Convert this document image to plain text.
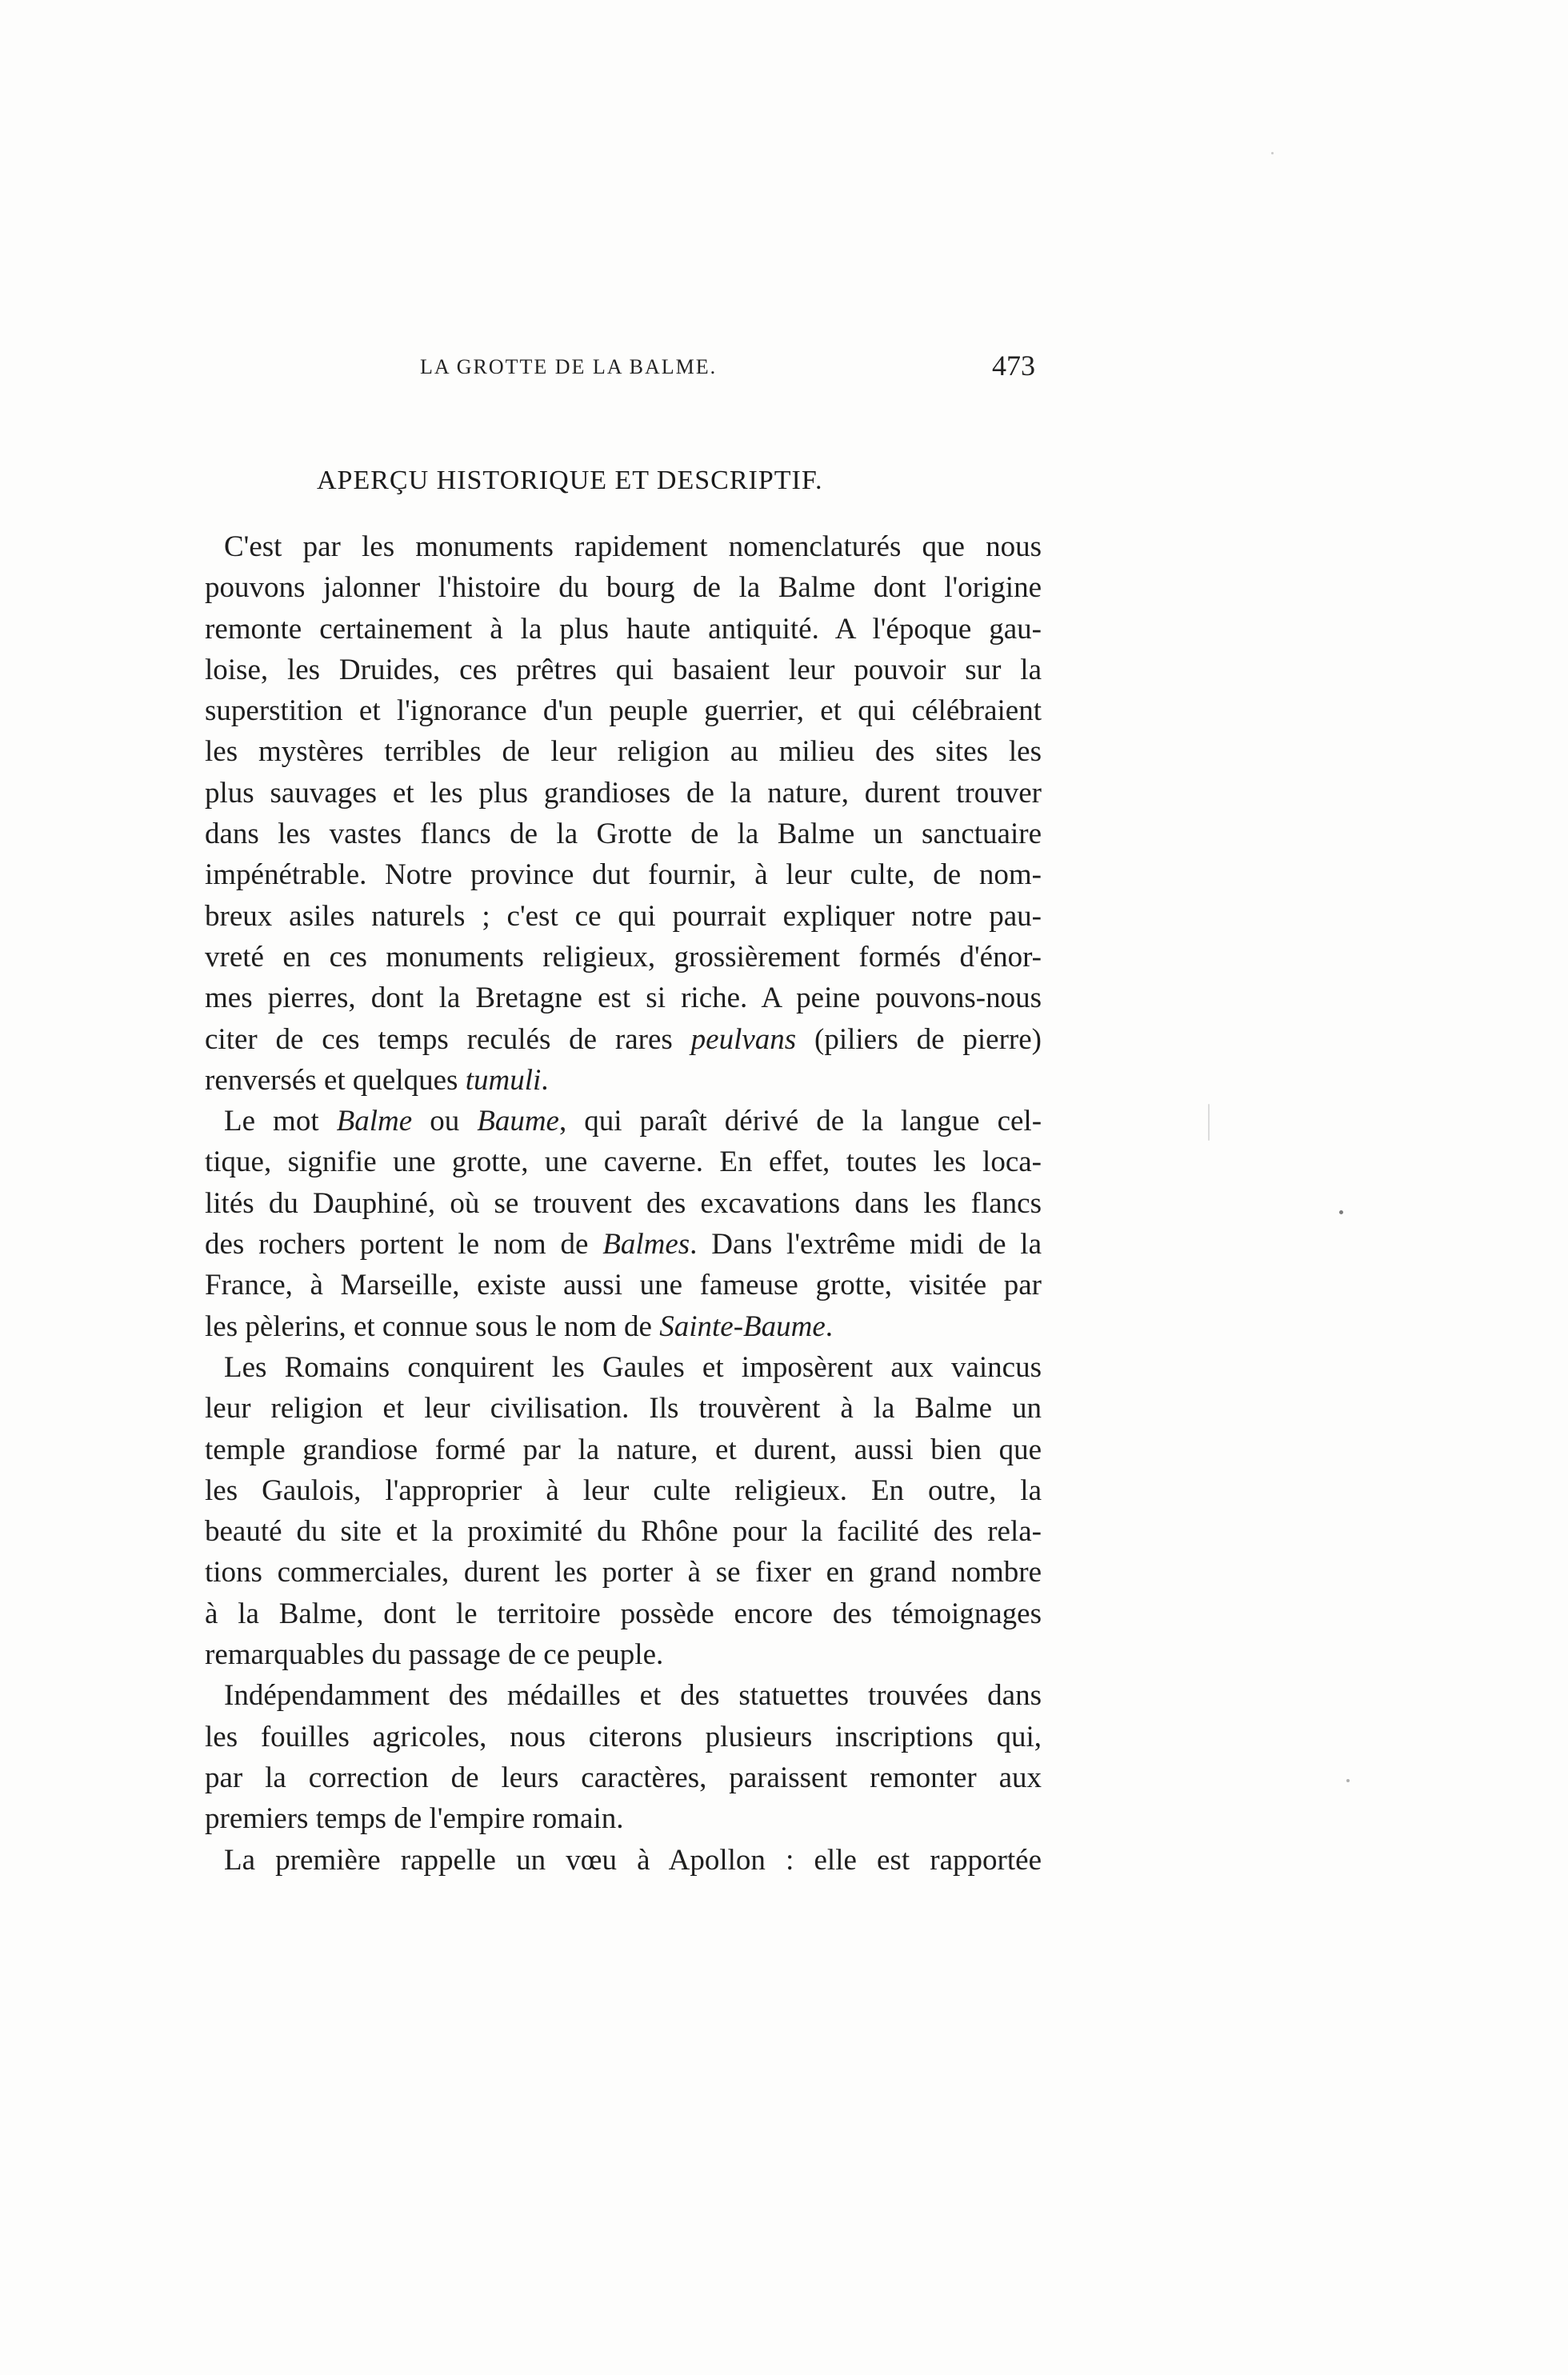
LA GROTTE DE LA BALME.	473
APERÇU HISTORIQUE ET DESCRIPTIF.
C'est par les monuments rapidement nomenclaturés que nous
pouvons jalonner l'histoire du bourg de la Balme dont l'origine
remonte certainement à la plus haute antiquité. A l'époque gau-
loise, les Druides, ces prêtres qui basaient leur pouvoir sur la
superstition et l'ignorance d'un peuple guerrier, et qui célébraient
les mystères terribles de leur religion au milieu des sites les
plus sauvages et les plus grandioses de la nature, durent trouver
dans les vastes flancs de la Grotte de la Balme un sanctuaire
impénétrable. Notre province dut fournir, à leur culte, de nom-
breux asiles naturels ; c'est ce qui pourrait expliquer notre pau-
vreté en ces monuments religieux, grossièrement formés d'énor-
mes pierres, dont la Bretagne est si riche. A peine pouvons-nous
citer de ces temps reculés de rares peulvans (piliers de pierre)
renversés et quelques tumuli.
Le mot Balme ou Baume, qui paraît dérivé de la langue cel-
tique, signifie une grotte, une caverne. En effet, toutes les loca-
lités du Dauphiné, où se trouvent des excavations dans les flancs
des rochers portent le nom de Balmes. Dans l'extrême midi de la
France, à Marseille, existe aussi une fameuse grotte, visitée par
les pèlerins, et connue sous le nom de Sainte-Baume.
Les Romains conquirent les Gaules et imposèrent aux vaincus
leur religion et leur civilisation. Ils trouvèrent à la Balme un
temple grandiose formé par la nature, et durent, aussi bien que
les Gaulois, l'approprier à leur culte religieux. En outre, la
beauté du site et la proximité du Rhône pour la facilité des rela-
tions commerciales, durent les porter à se fixer en grand nombre
à la Balme, dont le territoire possède encore des témoignages
remarquables du passage de ce peuple.
Indépendamment des médailles et des statuettes trouvées dans
les fouilles agricoles, nous citerons plusieurs inscriptions qui,
par la correction de leurs caractères, paraissent remonter aux
premiers temps de l'empire romain.
La première rappelle un vœu à Apollon : elle est rapportée
